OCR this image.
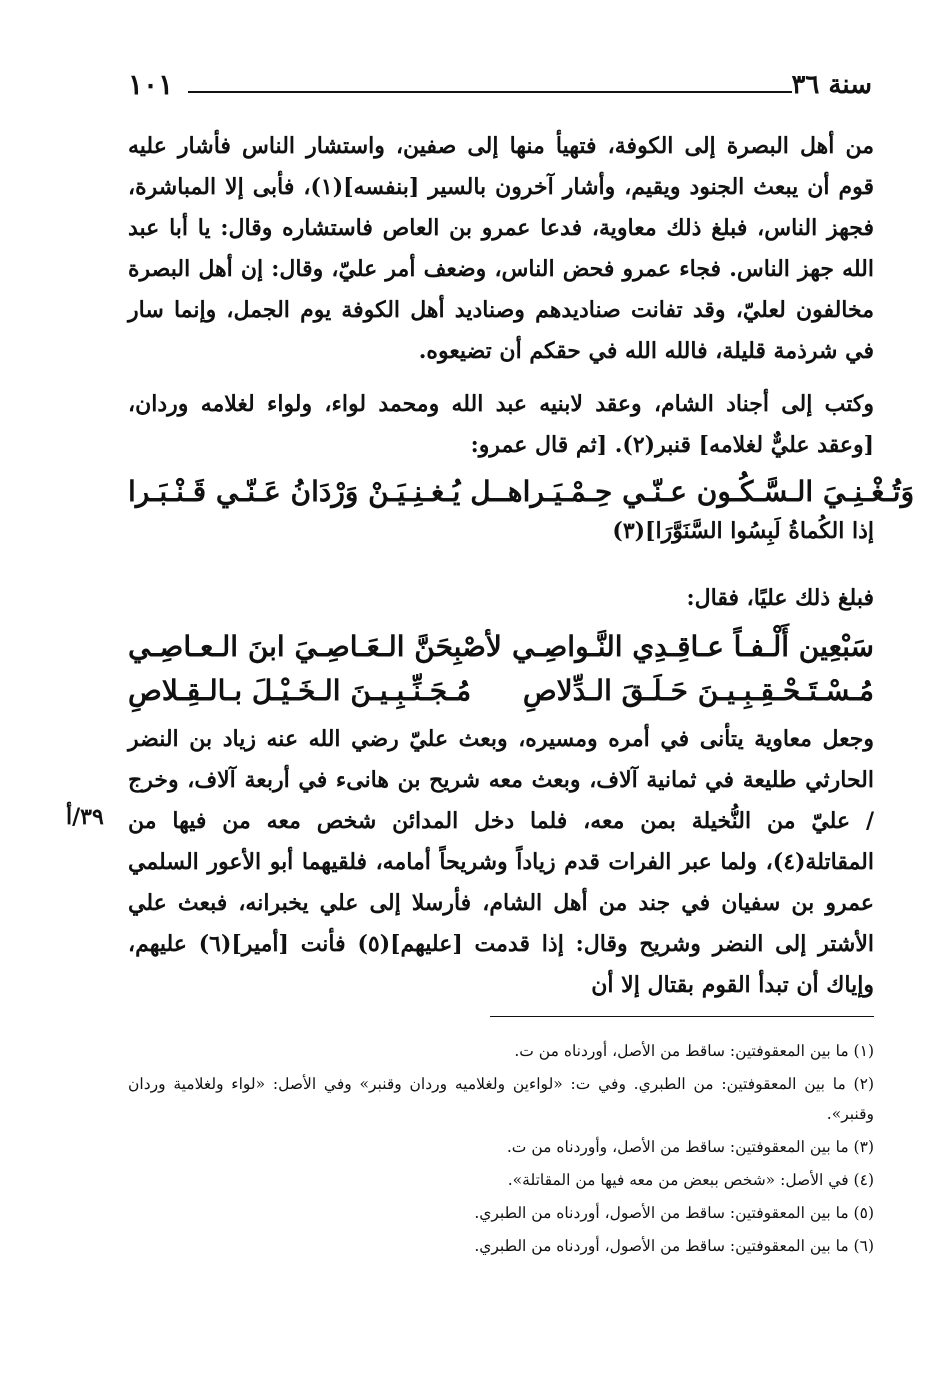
سنة ٣٦
١٠١

من أهل البصرة إلى الكوفة، فتهيأ منها إلى صفين، واستشار الناس فأشار عليه قوم أن يبعث الجنود ويقيم، وأشار آخرون بالسير [بنفسه](١)، فأبى إلا المباشرة، فجهز الناس، فبلغ ذلك معاوية، فدعا عمرو بن العاص فاستشاره وقال: يا أبا عبد الله جهز الناس. فجاء عمرو فحض الناس، وضعف أمر عليّ، وقال: إن أهل البصرة مخالفون لعليّ، وقد تفانت صناديدهم وصناديد أهل الكوفة يوم الجمل، وإنما سار في شرذمة قليلة، فالله الله في حقكم أن تضيعوه.

وكتب إلى أجناد الشام، وعقد لابنيه عبد الله ومحمد لواء، ولواء لغلامه وردان، [وعقد عليٌّ لغلامه] قنبر(٢). [ثم قال عمرو:

هــل يُـغـنِـيَـنْ وَرْدَانُ عَـنّـي قَـنْـبَـرا وَتُـغْـنِـيَ الـسَّـكُـون عـنّـي حِـمْـيَـرا
إذا الكُماةُ لَبِسُوا السَّنَوَّرَا](٣)

فبلغ ذلك عليًا، فقال:

لأصْبِحَنَّ الـعَـاصِـيَ ابنَ الـعـاصِـي سَبْعِين أَلْـفـاً عـاقِـدِي النَّـواصِـي
مُـجَـنِّـبِـيـنَ الـخَـيْـلَ بـالـقِـلاصِ مُـسْـتَـحْـقِـبِـيـنَ حَـلَـقَ الـدِّلاصِ

وجعل معاوية يتأنى في أمره ومسيره، وبعث عليّ رضي الله عنه زياد بن النضر الحارثي طليعة في ثمانية آلاف، وبعث معه شريح بن هانىء في أربعة آلاف، وخرج / عليّ من النُّخيلة بمن معه، فلما دخل المدائن شخص معه من فيها من المقاتلة(٤)، ولما عبر الفرات قدم زياداً وشريحاً أمامه، فلقيهما أبو الأعور السلمي عمرو بن سفيان في جند من أهل الشام، فأرسلا إلى علي يخبرانه، فبعث علي الأشتر إلى النضر وشريح وقال: إذا قدمت [عليهم](٥) فأنت [أمير](٦) عليهم، وإياك أن تبدأ القوم بقتال إلا أن

٣٩/أ

(١) ما بين المعقوفتين: ساقط من الأصل، أوردناه من ت.

(٢) ما بين المعقوفتين: من الطبري. وفي ت: «لواءين ولغلاميه وردان وقنبر» وفي الأصل: «لواء ولغلامية وردان وقنبر».

(٣) ما بين المعقوفتين: ساقط من الأصل، وأوردناه من ت.

(٤) في الأصل: «شخص ببعض من معه فيها من المقاتلة».

(٥) ما بين المعقوفتين: ساقط من الأصول، أوردناه من الطبري.

(٦) ما بين المعقوفتين: ساقط من الأصول، أوردناه من الطبري.
